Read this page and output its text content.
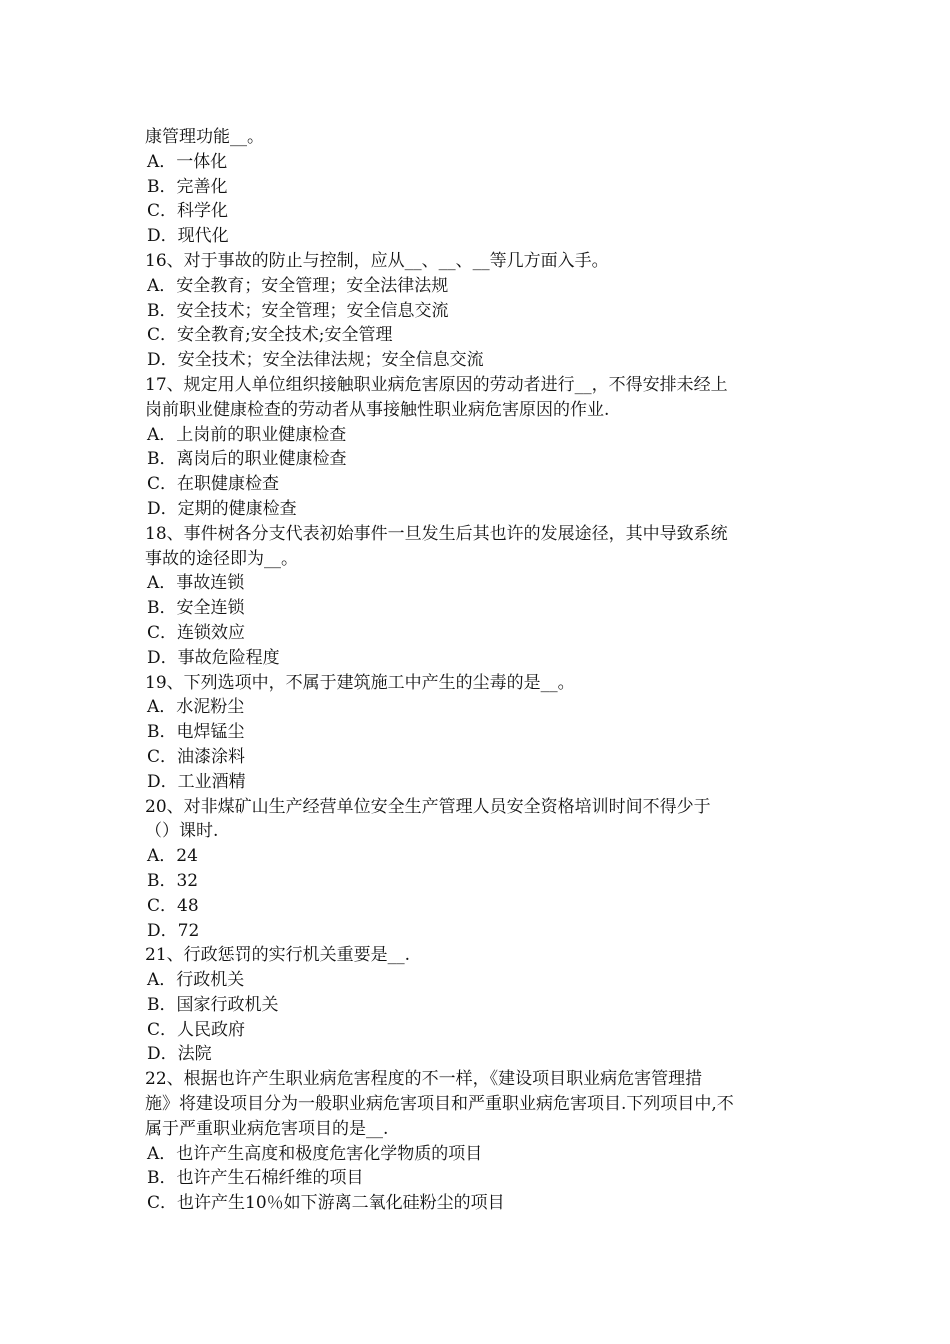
康管理功能__。
A．一体化
B．完善化
C．科学化
D．现代化
16、对于事故的防止与控制，应从__、__、__等几方面入手。
A．安全教育；安全管理；安全法律法规
B．安全技术；安全管理；安全信息交流
C．安全教育;安全技术;安全管理
D．安全技术；安全法律法规；安全信息交流
17、规定用人单位组织接触职业病危害原因的劳动者进行__，不得安排未经上
岗前职业健康检查的劳动者从事接触性职业病危害原因的作业.
A．上岗前的职业健康检查
B．离岗后的职业健康检查
C．在职健康检查
D．定期的健康检查
18、事件树各分支代表初始事件一旦发生后其也许的发展途径，其中导致系统
事故的途径即为__。
A．事故连锁
B．安全连锁
C．连锁效应
D．事故危险程度
19、下列选项中，不属于建筑施工中产生的尘毒的是__。
A．水泥粉尘
B．电焊锰尘
C．油漆涂料
D．工业酒精
20、对非煤矿山生产经营单位安全生产管理人员安全资格培训时间不得少于
（）课时.
A．24
B．32
C．48
D．72
21、行政惩罚的实行机关重要是__.
A．行政机关
B．国家行政机关
C．人民政府
D．法院
22、根据也许产生职业病危害程度的不一样，《建设项目职业病危害管理措
施》将建设项目分为一般职业病危害项目和严重职业病危害项目.下列项目中,不
属于严重职业病危害项目的是__.
A．也许产生高度和极度危害化学物质的项目
B．也许产生石棉纤维的项目
C．也许产生10％如下游离二氧化硅粉尘的项目
